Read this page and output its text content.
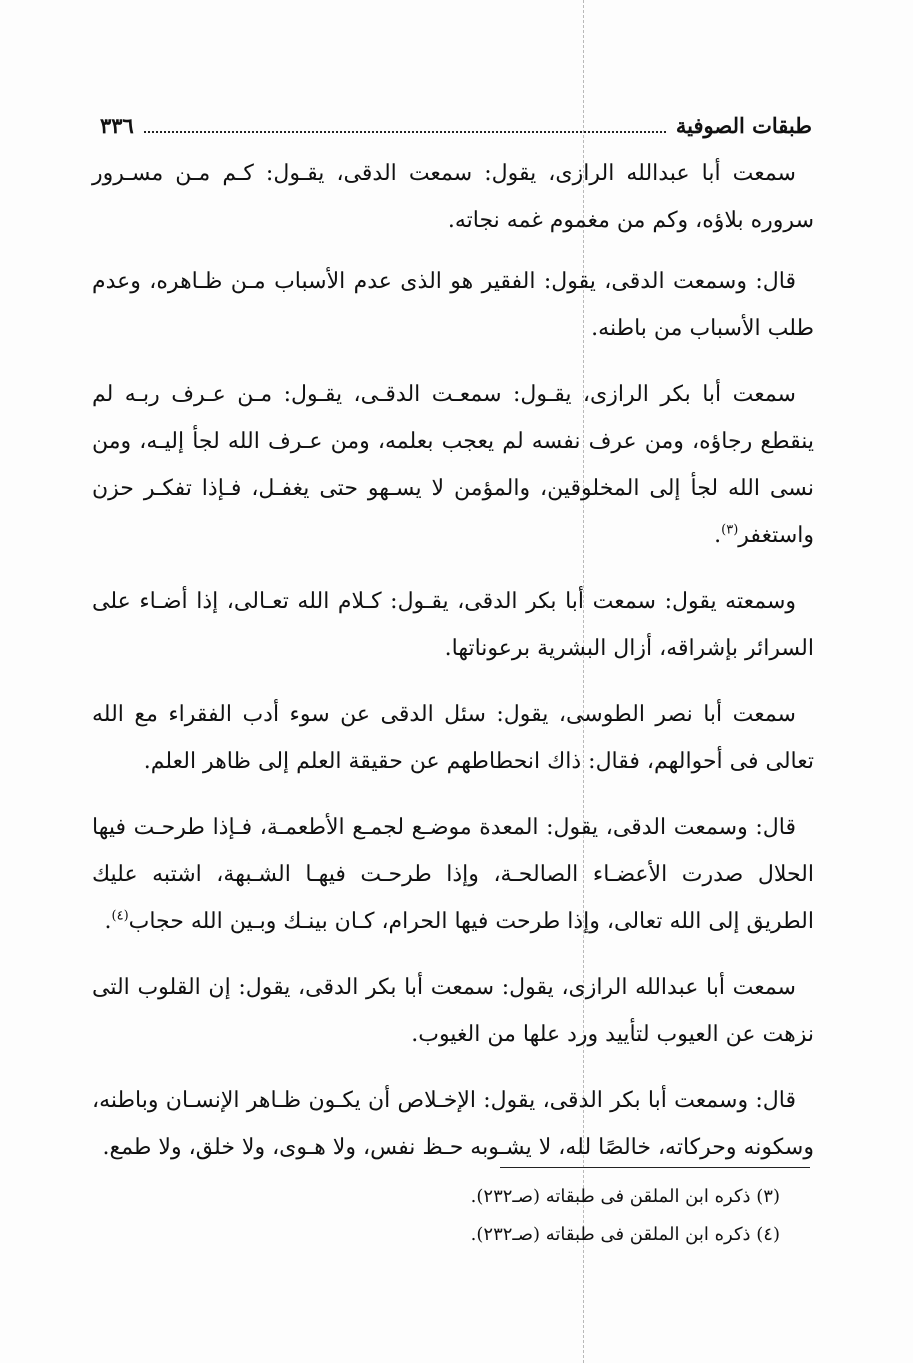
طبقات الصوفية
٣٣٦

سمعت أبا عبدالله الرازى، يقول: سمعت الدقى، يقـول: كـم مـن مسـرور سروره بلاؤه، وكم من مغموم غمه نجاته.

قال: وسمعت الدقى، يقول: الفقير هو الذى عدم الأسباب مـن ظـاهره، وعدم طلب الأسباب من باطنه.

سمعت أبا بكر الرازى، يقـول: سمعـت الدقـى، يقـول: مـن عـرف ربـه لم ينقطع رجاؤه، ومن عرف نفسه لم يعجب بعلمه، ومن عـرف الله لجأ إليـه، ومن نسى الله لجأ إلى المخلوقين، والمؤمن لا يسـهو حتى يغفـل، فـإذا تفكـر حزن واستغفر$^{(٣)}$.

وسمعته يقول: سمعت أبا بكر الدقى، يقـول: كـلام الله تعـالى، إذا أضـاء على السرائر بإشراقه، أزال البشرية برعوناتها.

سمعت أبا نصر الطوسى، يقول: سئل الدقى عن سوء أدب الفقراء مع الله تعالى فى أحوالهم، فقال: ذاك انحطاطهم عن حقيقة العلم إلى ظاهر العلم.

قال: وسمعت الدقى، يقول: المعدة موضـع لجمـع الأطعمـة، فـإذا طرحـت فيها الحلال صدرت الأعضـاء الصالحـة، وإذا طرحـت فيهـا الشـبهة، اشتبه عليك الطريق إلى الله تعالى، وإذا طرحت فيها الحرام، كـان بينـك وبـين الله حجاب$^{(٤)}$.

سمعت أبا عبدالله الرازى، يقول: سمعت أبا بكر الدقى، يقول: إن القلوب التى نزهت عن العيوب لتأييد ورد علها من الغيوب.

قال: وسمعت أبا بكر الدقى، يقول: الإخـلاص أن يكـون ظـاهر الإنسـان وباطنه، وسكونه وحركاته، خالصًا لله، لا يشـوبه حـظ نفس، ولا هـوى، ولا خلق، ولا طمع.

(٣) ذكره ابن الملقن فى طبقاته (صـ٢٣٢).

(٤) ذكره ابن الملقن فى طبقاته (صـ٢٣٢).
